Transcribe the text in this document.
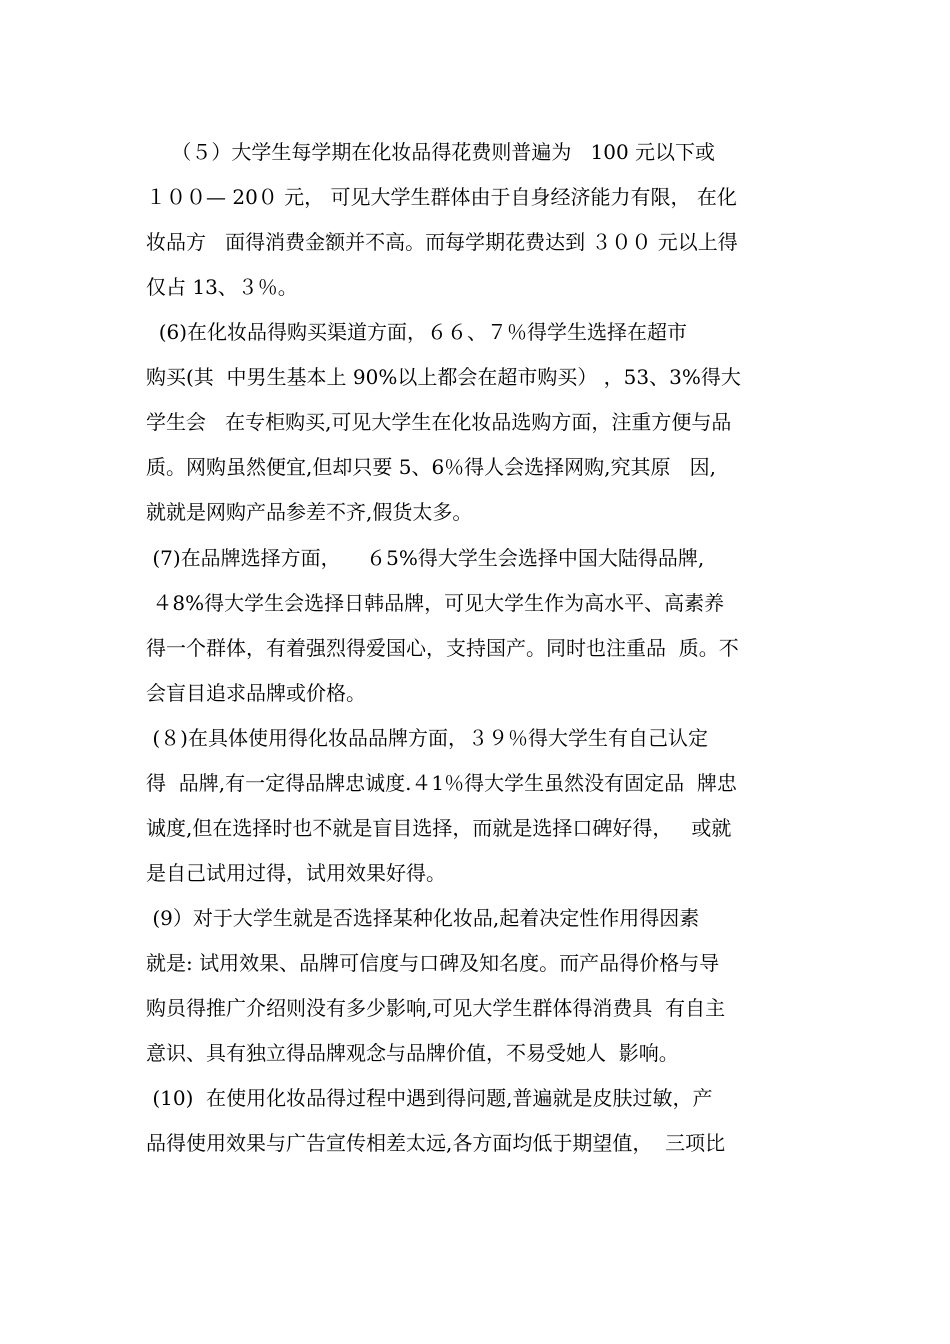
（５）大学生每学期在化妆品得花费则普遍为   100 元以下或
１００— 20０ 元， 可见大学生群体由于自身经济能力有限， 在化
妆品方   面得消费金额并不高。而每学期花费达到 ３００ 元以上得
仅占 13、３％。
(6)在化妆品得购买渠道方面，６６、７％得学生选择在超市
购买(其  中男生基本上 90%以上都会在超市购买） ，53、3%得大
学生会   在专柜购买,可见大学生在化妆品选购方面，注重方便与品
质。网购虽然便宜,但却只要 5、6％得人会选择网购,究其原   因,
就就是网购产品参差不齐,假货太多。
(7)在品牌选择方面，    ６5%得大学生会选择中国大陆得品牌,
４8%得大学生会选择日韩品牌，可见大学生作为高水平、高素养
得一个群体，有着强烈得爱国心，支持国产。同时也注重品  质。不
会盲目追求品牌或价格。
(８)在具体使用得化妆品品牌方面，３９％得大学生有自己认定
得  品牌,有一定得品牌忠诚度.４1％得大学生虽然没有固定品  牌忠
诚度,但在选择时也不就是盲目选择，而就是选择口碑好得，   或就
是自己试用过得，试用效果好得。
(9）对于大学生就是否选择某种化妆品,起着决定性作用得因素
就是: 试用效果、品牌可信度与口碑及知名度。而产品得价格与导
购员得推广介绍则没有多少影响,可见大学生群体得消费具  有自主
意识、具有独立得品牌观念与品牌价值，不易受她人  影响。
(10)  在使用化妆品得过程中遇到得问题,普遍就是皮肤过敏，产
品得使用效果与广告宣传相差太远,各方面均低于期望值，  三项比
